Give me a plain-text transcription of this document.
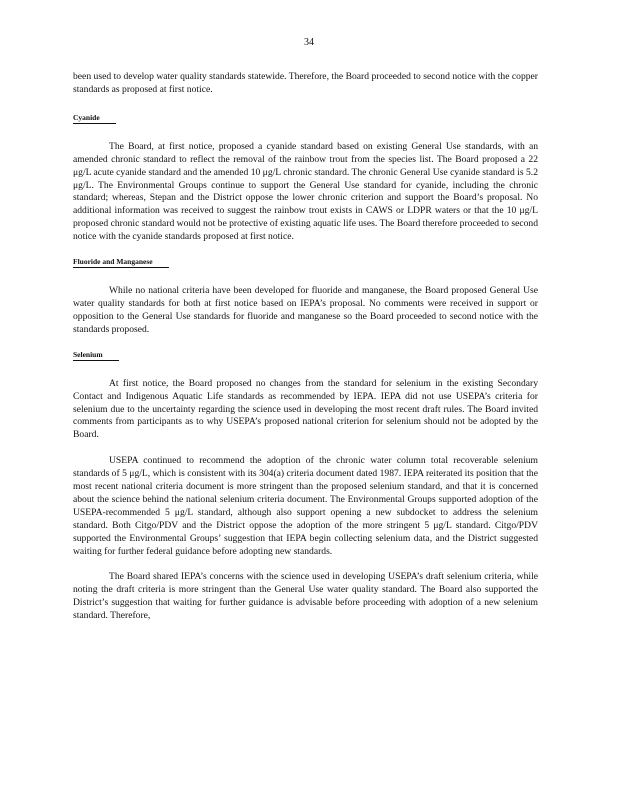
34

been used to develop water quality standards statewide. Therefore, the Board proceeded to second notice with the copper standards as proposed at first notice.

Cyanide

The Board, at first notice, proposed a cyanide standard based on existing General Use standards, with an amended chronic standard to reflect the removal of the rainbow trout from the species list. The Board proposed a 22 μg/L acute cyanide standard and the amended 10 μg/L chronic standard. The chronic General Use cyanide standard is 5.2 μg/L. The Environmental Groups continue to support the General Use standard for cyanide, including the chronic standard; whereas, Stepan and the District oppose the lower chronic criterion and support the Board’s proposal. No additional information was received to suggest the rainbow trout exists in CAWS or LDPR waters or that the 10 μg/L proposed chronic standard would not be protective of existing aquatic life uses. The Board therefore proceeded to second notice with the cyanide standards proposed at first notice.

Fluoride and Manganese

While no national criteria have been developed for fluoride and manganese, the Board proposed General Use water quality standards for both at first notice based on IEPA’s proposal. No comments were received in support or opposition to the General Use standards for fluoride and manganese so the Board proceeded to second notice with the standards proposed.

Selenium

At first notice, the Board proposed no changes from the standard for selenium in the existing Secondary Contact and Indigenous Aquatic Life standards as recommended by IEPA. IEPA did not use USEPA’s criteria for selenium due to the uncertainty regarding the science used in developing the most recent draft rules. The Board invited comments from participants as to why USEPA’s proposed national criterion for selenium should not be adopted by the Board.

USEPA continued to recommend the adoption of the chronic water column total recoverable selenium standards of 5 μg/L, which is consistent with its 304(a) criteria document dated 1987. IEPA reiterated its position that the most recent national criteria document is more stringent than the proposed selenium standard, and that it is concerned about the science behind the national selenium criteria document. The Environmental Groups supported adoption of the USEPA-recommended 5 μg/L standard, although also support opening a new subdocket to address the selenium standard. Both Citgo/PDV and the District oppose the adoption of the more stringent 5 μg/L standard. Citgo/PDV supported the Environmental Groups’ suggestion that IEPA begin collecting selenium data, and the District suggested waiting for further federal guidance before adopting new standards.

The Board shared IEPA’s concerns with the science used in developing USEPA’s draft selenium criteria, while noting the draft criteria is more stringent than the General Use water quality standard. The Board also supported the District’s suggestion that waiting for further guidance is advisable before proceeding with adoption of a new selenium standard. Therefore,
